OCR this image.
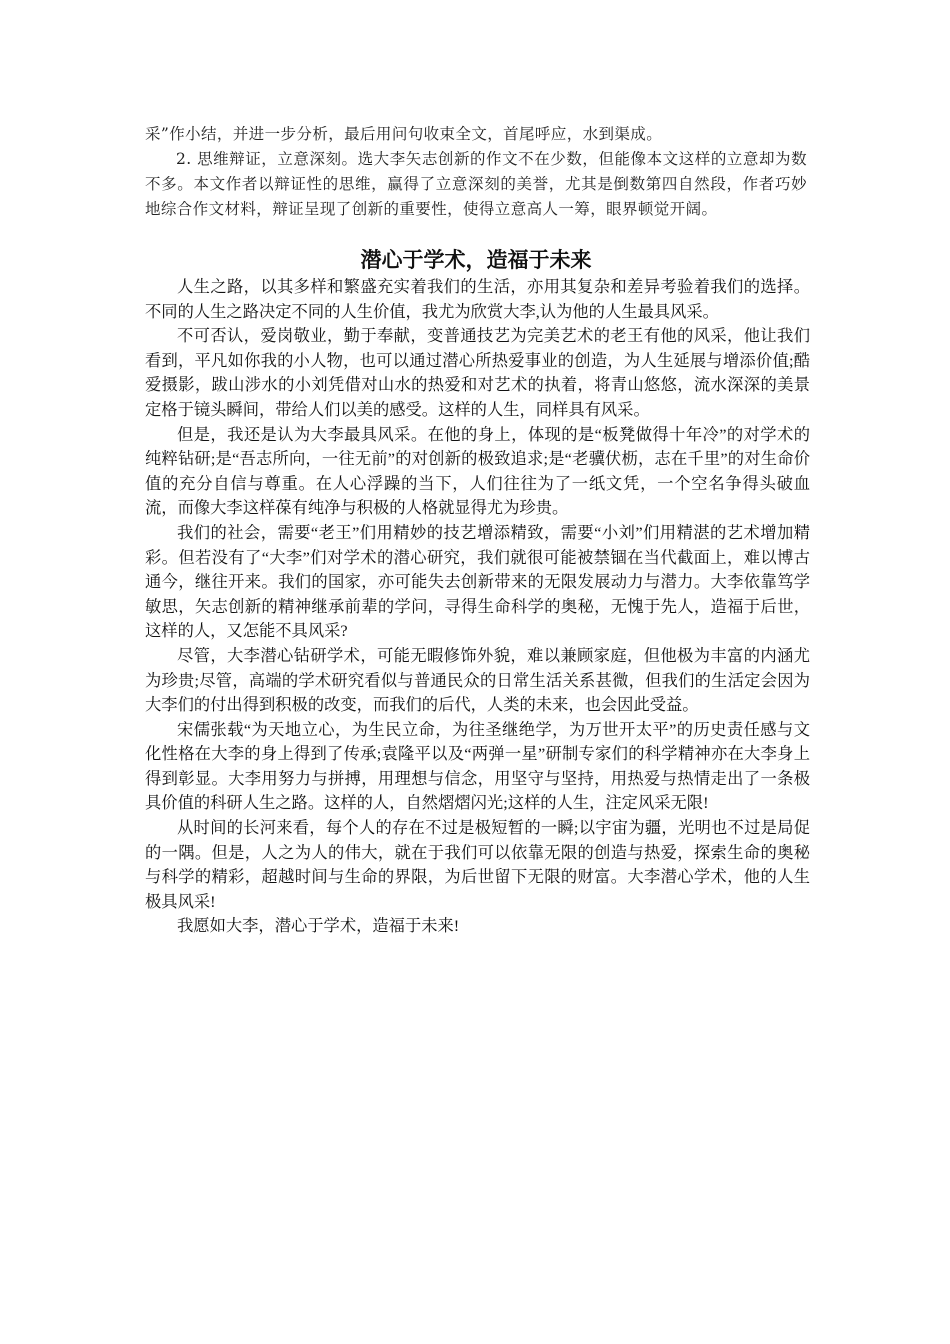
采”作小结，并进一步分析，最后用问句收束全文，首尾呼应，水到渠成。

2. 思维辩证，立意深刻。选大李矢志创新的作文不在少数，但能像本文这样的立意却为数不多。本文作者以辩证性的思维，赢得了立意深刻的美誉，尤其是倒数第四自然段，作者巧妙地综合作文材料，辩证呈现了创新的重要性，使得立意高人一筹，眼界顿觉开阔。

潜心于学术，造福于未来

人生之路，以其多样和繁盛充实着我们的生活，亦用其复杂和差异考验着我们的选择。不同的人生之路决定不同的人生价值，我尤为欣赏大李,认为他的人生最具风采。

不可否认，爱岗敬业，勤于奉献，变普通技艺为完美艺术的老王有他的风采，他让我们看到，平凡如你我的小人物，也可以通过潜心所热爱事业的创造，为人生延展与增添价值;酷爱摄影，跋山涉水的小刘凭借对山水的热爱和对艺术的执着，将青山悠悠，流水深深的美景定格于镜头瞬间，带给人们以美的感受。这样的人生，同样具有风采。

但是，我还是认为大李最具风采。在他的身上，体现的是“板凳做得十年冷”的对学术的纯粹钻研;是“吾志所向，一往无前”的对创新的极致追求;是“老骥伏枥，志在千里”的对生命价值的充分自信与尊重。在人心浮躁的当下，人们往往为了一纸文凭，一个空名争得头破血流，而像大李这样葆有纯净与积极的人格就显得尤为珍贵。

我们的社会，需要“老王”们用精妙的技艺增添精致，需要“小刘”们用精湛的艺术增加精彩。但若没有了“大李”们对学术的潜心研究，我们就很可能被禁锢在当代截面上，难以博古通今，继往开来。我们的国家，亦可能失去创新带来的无限发展动力与潜力。大李依靠笃学敏思，矢志创新的精神继承前辈的学问，寻得生命科学的奥秘，无愧于先人，造福于后世，这样的人，又怎能不具风采?

尽管，大李潜心钻研学术，可能无暇修饰外貌，难以兼顾家庭，但他极为丰富的内涵尤为珍贵;尽管，高端的学术研究看似与普通民众的日常生活关系甚微，但我们的生活定会因为大李们的付出得到积极的改变，而我们的后代，人类的未来，也会因此受益。

宋儒张载“为天地立心，为生民立命，为往圣继绝学，为万世开太平”的历史责任感与文化性格在大李的身上得到了传承;袁隆平以及“两弹一星”研制专家们的科学精神亦在大李身上得到彰显。大李用努力与拼搏，用理想与信念，用坚守与坚持，用热爱与热情走出了一条极具价值的科研人生之路。这样的人，自然熠熠闪光;这样的人生，注定风采无限!

从时间的长河来看，每个人的存在不过是极短暂的一瞬;以宇宙为疆，光明也不过是局促的一隅。但是，人之为人的伟大，就在于我们可以依靠无限的创造与热爱，探索生命的奥秘与科学的精彩，超越时间与生命的界限，为后世留下无限的财富。大李潜心学术，他的人生极具风采!

我愿如大李，潜心于学术，造福于未来!
